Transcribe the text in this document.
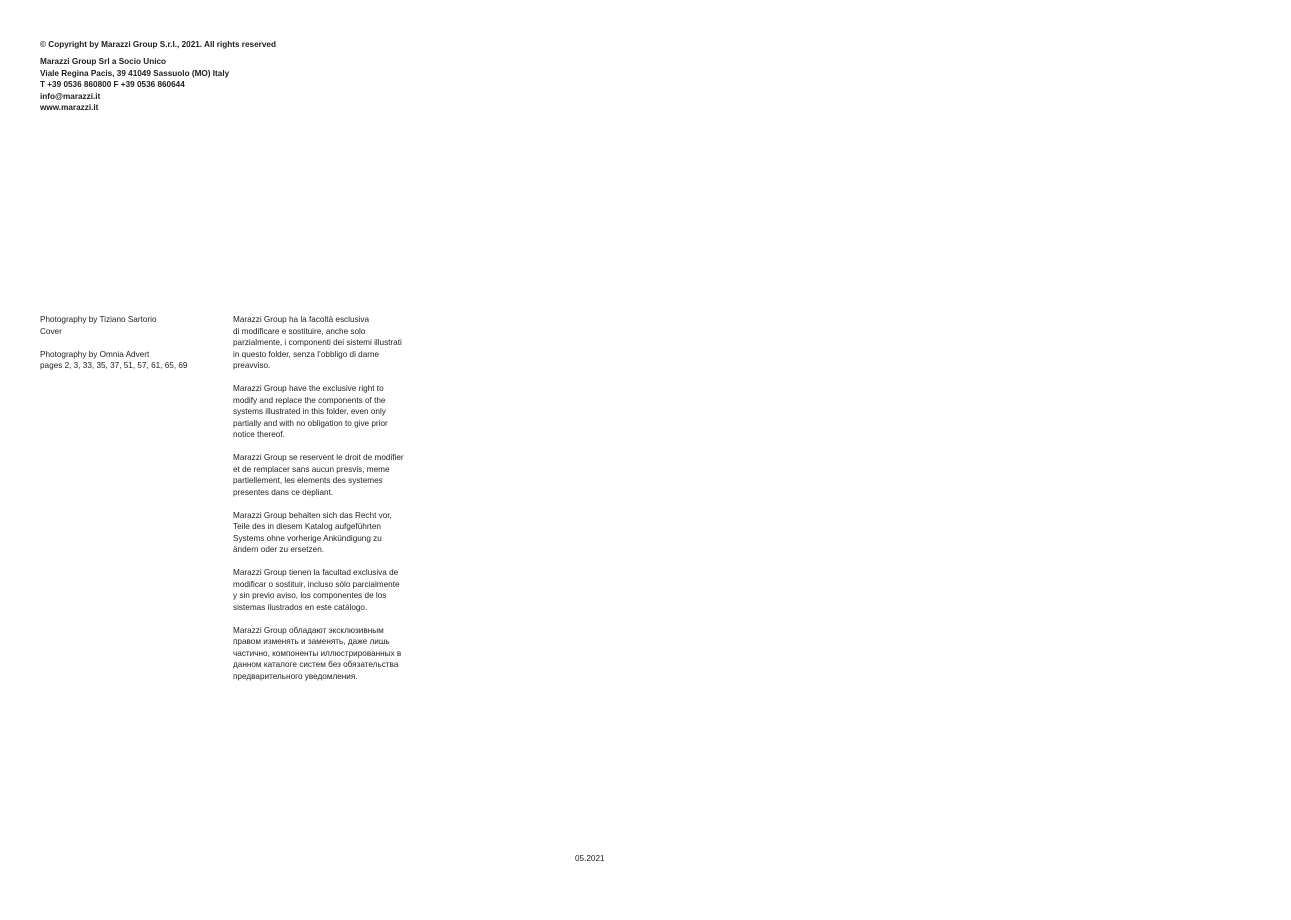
© Copyright by Marazzi Group S.r.l., 2021. All rights reserved
Marazzi Group Srl a Socio Unico
Viale Regina Pacis, 39 41049 Sassuolo (MO) Italy
T +39 0536 860800 F +39 0536 860644
info@marazzi.it
www.marazzi.it
Photography by Tiziano Sartorio
Cover
Photography by Omnia Advert
pages 2, 3, 33, 35, 37, 51, 57, 61, 65, 69
Marazzi Group ha la facoltà esclusiva
di modificare e sostituire, anche solo
parzialmente, i componenti dei sistemi illustrati
in questo folder, senza l’obbligo di darne
preavviso.
Marazzi Group have the exclusive right to
modify and replace the components of the
systems illustrated in this folder, even only
partially and with no obligation to give prior
notice thereof.
Marazzi Group se reservent le droit de modifier
et de remplacer sans aucun presvis, meme
partiellement, les elements des systemes
presentes dans ce depliant.
Marazzi Group behalten sich das Recht vor,
Teile des in diesem Katalog aufgeführten
Systems ohne vorherige Ankündigung zu
ändern oder zu ersetzen.
Marazzi Group tienen la facultad exclusiva de
modificar o sostituir, incluso sólo parcialmente
y sin previo aviso, los componentes de los
sistemas ilustrados en este catálogo.
Marazzi Group обладают эксклюзивным
правом изменять и заменять, даже лишь
частично, компоненты иллюстрированных в
данном каталоге систем без обязательства
предварительного уведомления.
05.2021
